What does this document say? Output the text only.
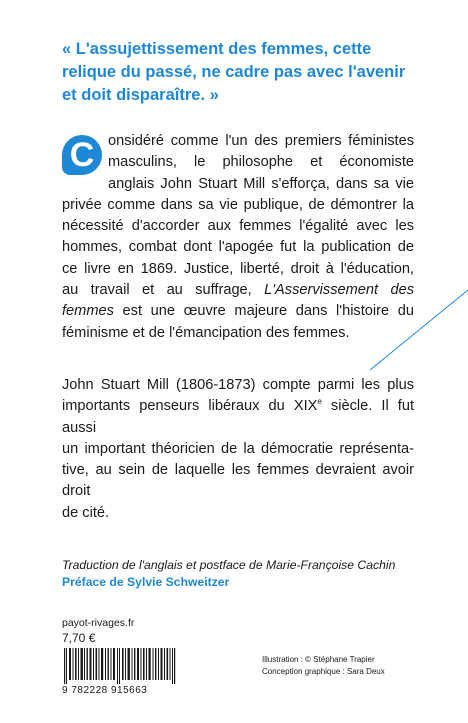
« L'assujettissement des femmes, cette
relique du passé, ne cadre pas avec l'avenir
et doit disparaître. »
C onsidéré comme l'un des premiers féministes
masculins, le philosophe et économiste
anglais John Stuart Mill s'efforça, dans sa vie
privée comme dans sa vie publique, de démontrer la
nécessité d'accorder aux femmes l'égalité avec les
hommes, combat dont l'apogée fut la publication de
ce livre en 1869. Justice, liberté, droit à l'éducation,
au travail et au suffrage, L'Asservissement des
femmes est une œuvre majeure dans l'histoire du
féminisme et de l'émancipation des femmes.
John Stuart Mill (1806-1873) compte parmi les plus
importants penseurs libéraux du XIXe siècle. Il fut aussi
un important théoricien de la démocratie représenta-
tive, au sein de laquelle les femmes devraient avoir droit
de cité.
Traduction de l'anglais et postface de Marie-Françoise Cachin
Préface de Sylvie Schweitzer
payot-rivages.fr
7,70 €
9 782228 915663
Illustration : © Stéphane Trapier
Conception graphique : Sara Deux
